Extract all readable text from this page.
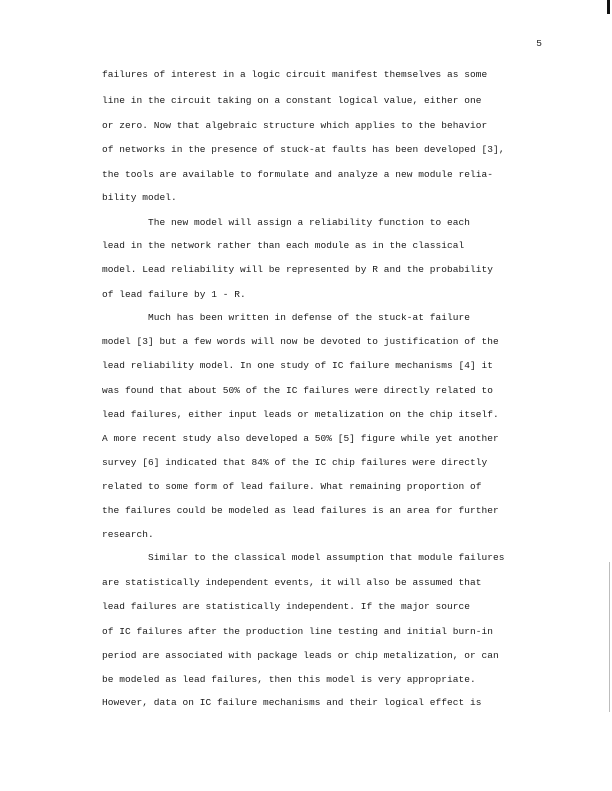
5

failures of interest in a logic circuit manifest themselves as some

line in the circuit taking on a constant logical value, either one

or zero. Now that algebraic structure which applies to the behavior

of networks in the presence of stuck-at faults has been developed [3],

the tools are available to formulate and analyze a new module relia-

bility model.

The new model will assign a reliability function to each

lead in the network rather than each module as in the classical

model. Lead reliability will be represented by R and the probability

of lead failure by 1 - R.

Much has been written in defense of the stuck-at failure

model [3] but a few words will now be devoted to justification of the

lead reliability model. In one study of IC failure mechanisms [4] it

was found that about 50% of the IC failures were directly related to

lead failures, either input leads or metalization on the chip itself.

A more recent study also developed a 50% [5] figure while yet another

survey [6] indicated that 84% of the IC chip failures were directly

related to some form of lead failure. What remaining proportion of

the failures could be modeled as lead failures is an area for further

research.

Similar to the classical model assumption that module failures

are statistically independent events, it will also be assumed that

lead failures are statistically independent. If the major source

of IC failures after the production line testing and initial burn-in

period are associated with package leads or chip metalization, or can

be modeled as lead failures, then this model is very appropriate.

However, data on IC failure mechanisms and their logical effect is
